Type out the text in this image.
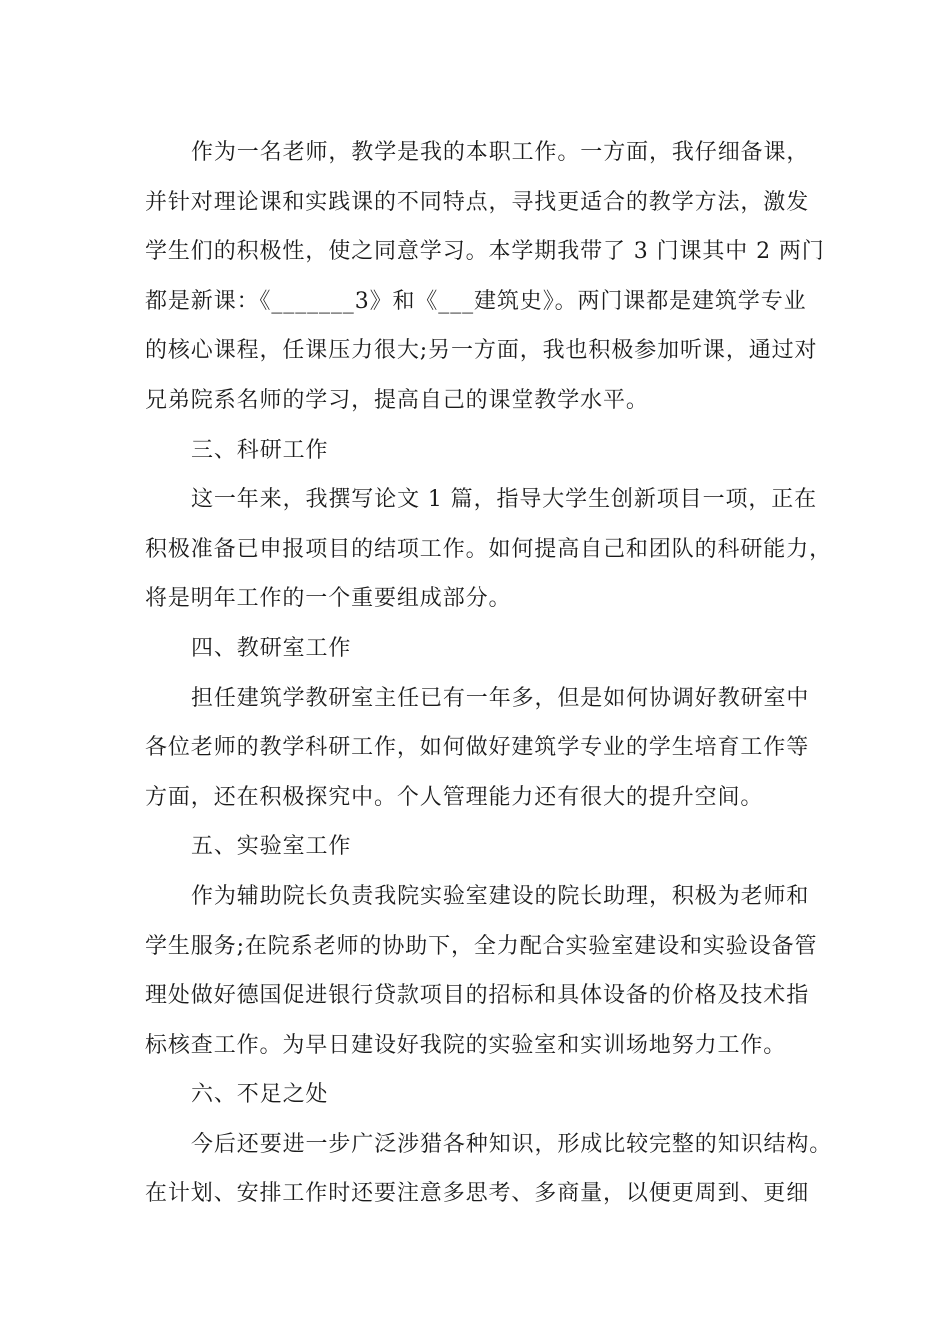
作为一名老师，教学是我的本职工作。一方面，我仔细备课，
并针对理论课和实践课的不同特点，寻找更适合的教学方法，激发
学生们的积极性，使之同意学习。本学期我带了 3 门课其中 2 两门
都是新课：《_______3》和《___建筑史》。两门课都是建筑学专业
的核心课程，任课压力很大;另一方面，我也积极参加听课，通过对
兄弟院系名师的学习，提高自己的课堂教学水平。
三、科研工作
这一年来，我撰写论文 1 篇，指导大学生创新项目一项，正在
积极准备已申报项目的结项工作。如何提高自己和团队的科研能力，
将是明年工作的一个重要组成部分。
四、教研室工作
担任建筑学教研室主任已有一年多，但是如何协调好教研室中
各位老师的教学科研工作，如何做好建筑学专业的学生培育工作等
方面，还在积极探究中。个人管理能力还有很大的提升空间。
五、实验室工作
作为辅助院长负责我院实验室建设的院长助理，积极为老师和
学生服务;在院系老师的协助下，全力配合实验室建设和实验设备管
理处做好德国促进银行贷款项目的招标和具体设备的价格及技术指
标核查工作。为早日建设好我院的实验室和实训场地努力工作。
六、不足之处
今后还要进一步广泛涉猎各种知识，形成比较完整的知识结构。
在计划、安排工作时还要注意多思考、多商量，以便更周到、更细
